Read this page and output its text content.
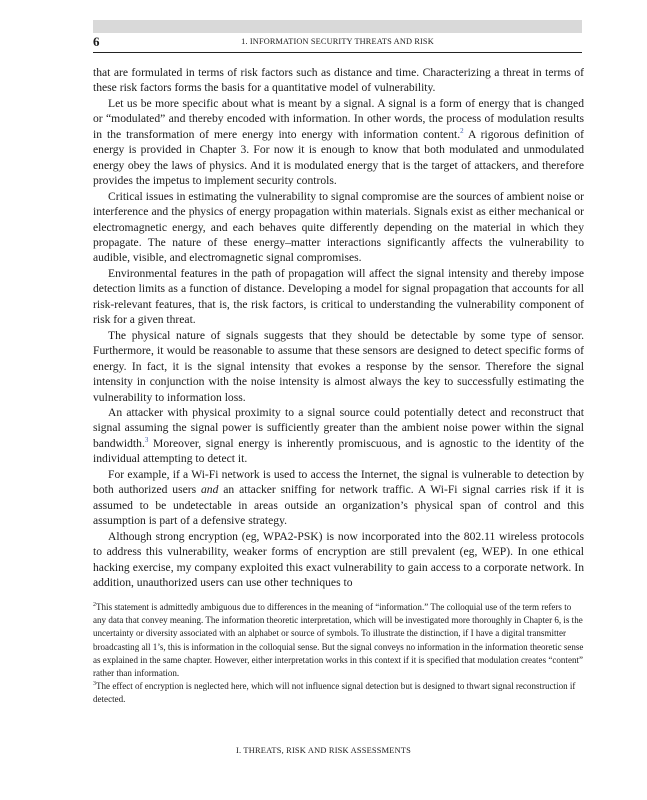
6	1. INFORMATION SECURITY THREATS AND RISK

that are formulated in terms of risk factors such as distance and time. Characterizing a threat in terms of these risk factors forms the basis for a quantitative model of vulnerability.

Let us be more specific about what is meant by a signal. A signal is a form of energy that is changed or “modulated” and thereby encoded with information. In other words, the process of modulation results in the transformation of mere energy into energy with information content.$^2$ A rigorous definition of energy is provided in Chapter 3. For now it is enough to know that both modulated and unmodulated energy obey the laws of physics. And it is modulated energy that is the target of attackers, and therefore provides the impetus to implement security controls.

Critical issues in estimating the vulnerability to signal compromise are the sources of ambient noise or interference and the physics of energy propagation within materials. Signals exist as either mechanical or electromagnetic energy, and each behaves quite differently depending on the material in which they propagate. The nature of these energy–matter interactions significantly affects the vulnerability to audible, visible, and electromagnetic signal compromises.

Environmental features in the path of propagation will affect the signal intensity and thereby impose detection limits as a function of distance. Developing a model for signal propagation that accounts for all risk-relevant features, that is, the risk factors, is critical to understanding the vulnerability component of risk for a given threat.

The physical nature of signals suggests that they should be detectable by some type of sensor. Furthermore, it would be reasonable to assume that these sensors are designed to detect specific forms of energy. In fact, it is the signal intensity that evokes a response by the sensor. Therefore the signal intensity in conjunction with the noise intensity is almost always the key to successfully estimating the vulnerability to information loss.

An attacker with physical proximity to a signal source could potentially detect and reconstruct that signal assuming the signal power is sufficiently greater than the ambient noise power within the signal bandwidth.$^3$ Moreover, signal energy is inherently promiscuous, and is agnostic to the identity of the individual attempting to detect it.

For example, if a Wi-Fi network is used to access the Internet, the signal is vulnerable to detection by both authorized users and an attacker sniffing for network traffic. A Wi-Fi signal carries risk if it is assumed to be undetectable in areas outside an organization’s physical span of control and this assumption is part of a defensive strategy.

Although strong encryption (eg, WPA2-PSK) is now incorporated into the 802.11 wireless protocols to address this vulnerability, weaker forms of encryption are still prevalent (eg, WEP). In one ethical hacking exercise, my company exploited this exact vulnerability to gain access to a corporate network. In addition, unauthorized users can use other techniques to

$^2$This statement is admittedly ambiguous due to differences in the meaning of “information.” The colloquial use of the term refers to any data that convey meaning. The information theoretic interpretation, which will be investigated more thoroughly in Chapter 6, is the uncertainty or diversity associated with an alphabet or source of symbols. To illustrate the distinction, if I have a digital transmitter broadcasting all 1’s, this is information in the colloquial sense. But the signal conveys no information in the information theoretic sense as explained in the same chapter. However, either interpretation works in this context if it is specified that modulation creates “content” rather than information.

$^3$The effect of encryption is neglected here, which will not influence signal detection but is designed to thwart signal reconstruction if detected.

I. THREATS, RISK AND RISK ASSESSMENTS
